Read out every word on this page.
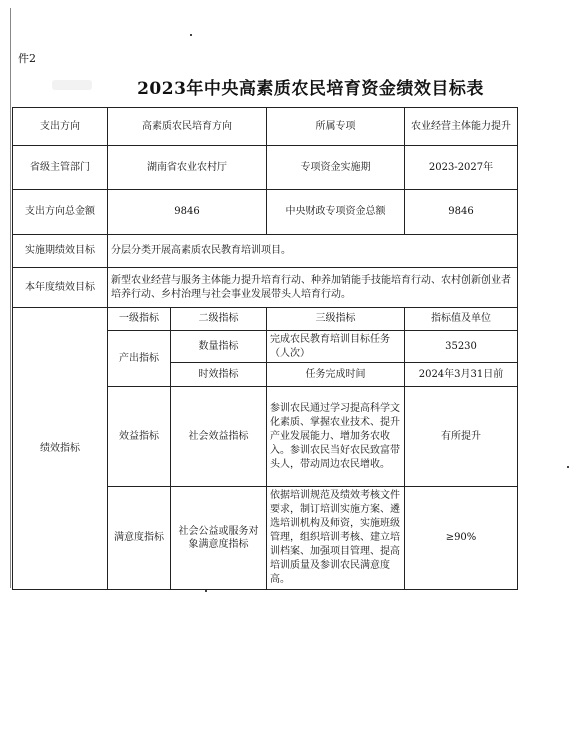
件2
2023年中央高素质农民培育资金绩效目标表
支出方向	高素质农民培育方向		所属专项	农业经营主体能力提升
省级主管部门	湖南省农业农村厅		专项资金实施期	2023-2027年
支出方向总金额	9846		中央财政专项资金总额	9846
实施期绩效目标	分层分类开展高素质农民教育培训项目。			
本年度绩效目标	新型农业经营与服务主体能力提升培育行动、种养加销能手技能培育行动、农村创新创业者培养行动、乡村治理与社会事业发展带头人培育行动。			
绩效指标	一级指标	二级指标	三级指标	指标值及单位
	产出指标	数量指标	完成农民教育培训目标任务（人次）	35230
		时效指标	任务完成时间	2024年3月31日前
	效益指标	社会效益指标	参训农民通过学习提高科学文化素质、掌握农业技术、提升产业发展能力、增加务农收入。参训农民当好农民致富带头人，带动周边农民增收。	有所提升
	满意度指标	社会公益或服务对象满意度指标	依据培训规范及绩效考核文件要求，制订培训实施方案、遴选培训机构及师资，实施班级管理，组织培训考核、建立培训档案、加强项目管理、提高培训质量及参训农民满意度高。	≥90%
